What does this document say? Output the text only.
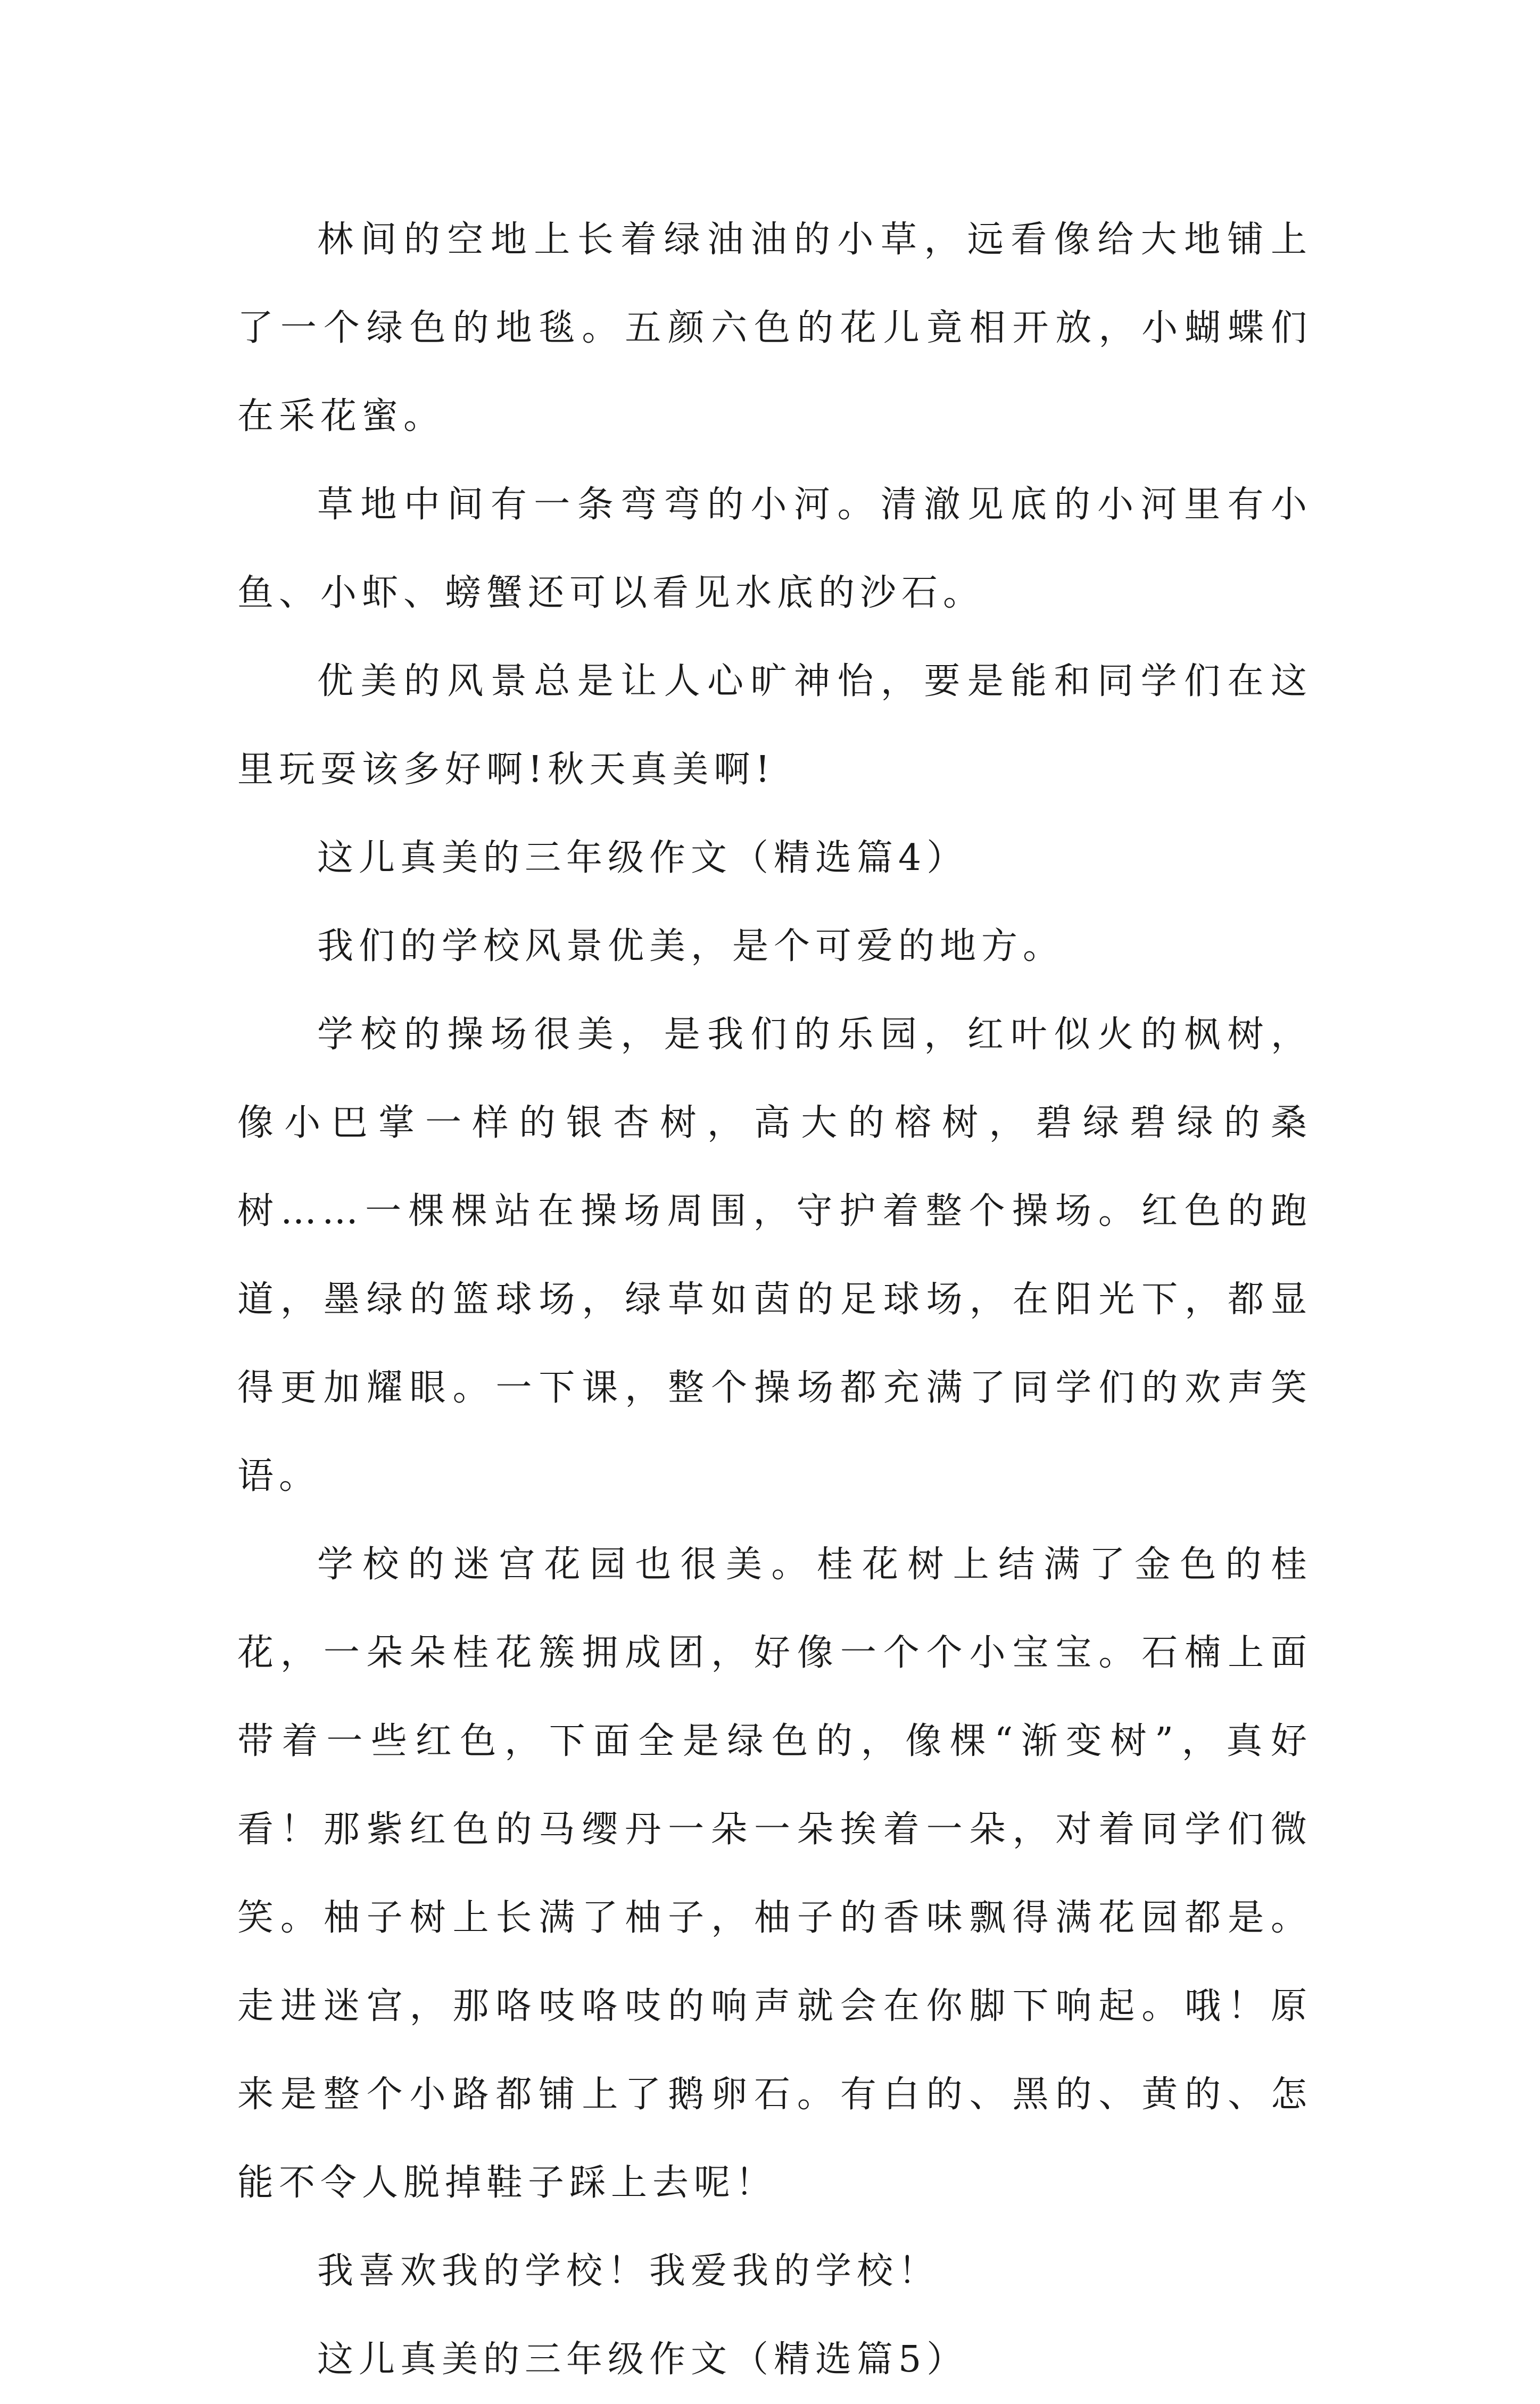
林间的空地上长着绿油油的小草，远看像给大地铺上了一个绿色的地毯。五颜六色的花儿竟相开放，小蝴蝶们在采花蜜。

草地中间有一条弯弯的小河。清澈见底的小河里有小鱼、小虾、螃蟹还可以看见水底的沙石。

优美的风景总是让人心旷神怡，要是能和同学们在这里玩耍该多好啊!秋天真美啊!

这儿真美的三年级作文（精选篇4）

我们的学校风景优美，是个可爱的地方。

学校的操场很美，是我们的乐园，红叶似火的枫树，像小巴掌一样的银杏树，高大的榕树，碧绿碧绿的桑树……一棵棵站在操场周围，守护着整个操场。红色的跑道，墨绿的篮球场，绿草如茵的足球场，在阳光下，都显得更加耀眼。一下课，整个操场都充满了同学们的欢声笑语。

学校的迷宫花园也很美。桂花树上结满了金色的桂花，一朵朵桂花簇拥成团，好像一个个小宝宝。石楠上面带着一些红色，下面全是绿色的，像棵“渐变树”，真好看！那紫红色的马缨丹一朵一朵挨着一朵，对着同学们微笑。柚子树上长满了柚子，柚子的香味飘得满花园都是。走进迷宫，那咯吱咯吱的响声就会在你脚下响起。哦！原来是整个小路都铺上了鹅卵石。有白的、黑的、黄的、怎能不令人脱掉鞋子踩上去呢！

我喜欢我的学校！我爱我的学校！

这儿真美的三年级作文（精选篇5）
